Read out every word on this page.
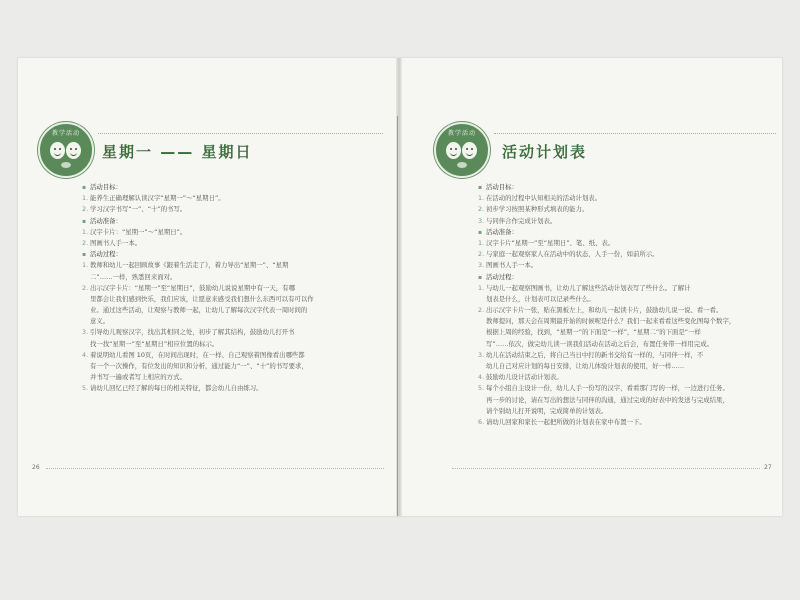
教学活动
星期一 —— 星期日
▪ 活动目标：
1. 能养生正确理解认读汉字“星期一”～“星期日”。
2. 学习汉字书写“一”、“十”的书写。
▪ 活动准备：
1. 汉字卡片：“星期一”～“星期日”。
2. 图画书人手一本。
▪ 活动过程：
1. 教师和幼儿一起回顾故事《跟着生活走了》，着力导出“星期一”、“星期
二”……一样，熟悉回来面对。
2. 出示汉字卡片：“星期一”至“星期日”，鼓励幼儿说说星期中有一天，有哪
里都会让我们感到快乐，我们应该，让愿意来感受我们想什么东西可以有可以作
业。通过这些活动，让观察与教师一起，让幼儿了解每次汉字代表一周时间的
意义。
3. 引导幼儿观察汉字，找出其相同之处，初步了解其结构，鼓励幼儿打开书
找一找“星期一”至“星期日”相应位置的标示。
4. 着说明幼儿看图 10页，在时间出现时，在一样、自己观察着图像看出哪些都
有一个一次操作，有位发出的知识和分析，通过能力“一”、“十”的书写要求，
并书写一遍或者写上相应的方式。
5. 请幼儿回忆已经了解的每日的相关特征，都会幼儿自由练习。
26
教学活动
活动计划表
▪ 活动目标：
1. 在活动的过程中认知相关的活动计划表。
2. 初步学习按照某种形式填表的能力。
3. 与同伴合作完成计划表。
▪ 活动准备：
1. 汉字卡片“星期一”至“星期日”、笔、纸、表。
2. 与家庭一起观察家人在活动中的状态，人手一份，如前所示。
3. 图画书人手一本。
▪ 活动过程：
1. 与幼儿一起观察图画书，让幼儿了解这些活动计划表写了些什么。了解计
划表是什么，计划表可以记录些什么。
2. 出示汉字卡片一张，贴在黑板左上，和幼儿一起读卡片，鼓励幼儿说一说、看一看。
教师提问，那天会在周期最开始的时候呢是什么？我们一起来看看这些变化图每个数字，
根据上周的经验，找到，“星期一”的下面是“一样”，“星期二”的下面是“一样
写”……依次，做完幼儿读一读我们活动在活动之后会，布置任务带一样用完成。
3. 幼儿在活动结束之后，将自己当日中打的新书交给有一样的，与同伴一样，不
幼儿自己对应计划的每日安排，让幼儿体验计划表的使用，好一样……
4. 鼓励幼儿设计活动计划表。
5. 每个小组自主设计一份，幼儿人手一份写的汉字，看看那门写的一样，一边进行任务。
再一步的讨论，请在写出的想法与同伴的沟通，通过完成的好表中的发送与完成结果，
请个别幼儿打开说明，完成简单的计划表。
6. 请幼儿回家和家长一起把所做的计划表在家中布置一下。
27
